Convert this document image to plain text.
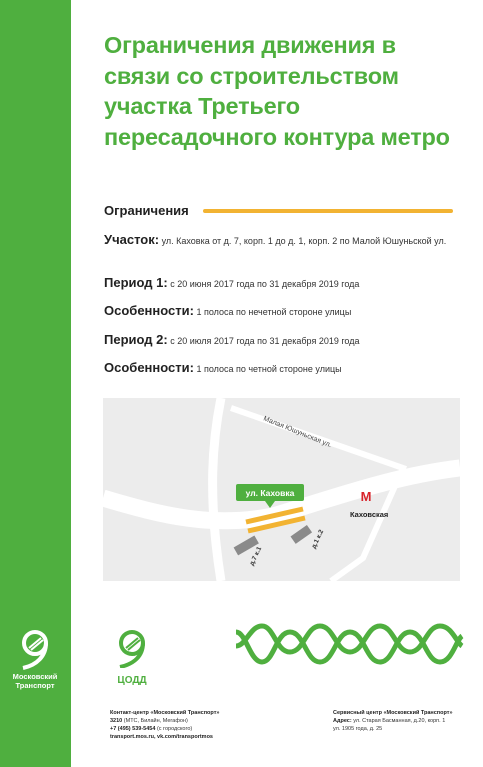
Московский Транспорт
Ограничения движения в связи со строительством участка Третьего пересадочного контура метро
Ограничения
Участок: ул. Каховка от д. 7, корп. 1 до д. 1, корп. 2 по Малой Юшуньской ул.
Период 1: с 20 июня 2017 года по 31 декабря 2019 года
Особенности: 1 полоса по нечетной стороне улицы
Период 2: с 20 июля 2017 года по 31 декабря 2019 года
Особенности: 1 полоса по четной стороне улицы
д.7 к.1
д.1 к.2
Малая Юшуньская ул.
ул. Каховка	М
Каховская
ЦОДД
Контакт-центр «Московский Транспорт»
3210 (МТС, Билайн, Мегафон)
+7 (495) 539-5454 (с городского)
transport.mos.ru, vk.com/transportmos
Сервисный центр «Московский Транспорт»
Адрес: ул. Старая Басманная, д.20, корп. 1
ул. 1905 года, д. 25
